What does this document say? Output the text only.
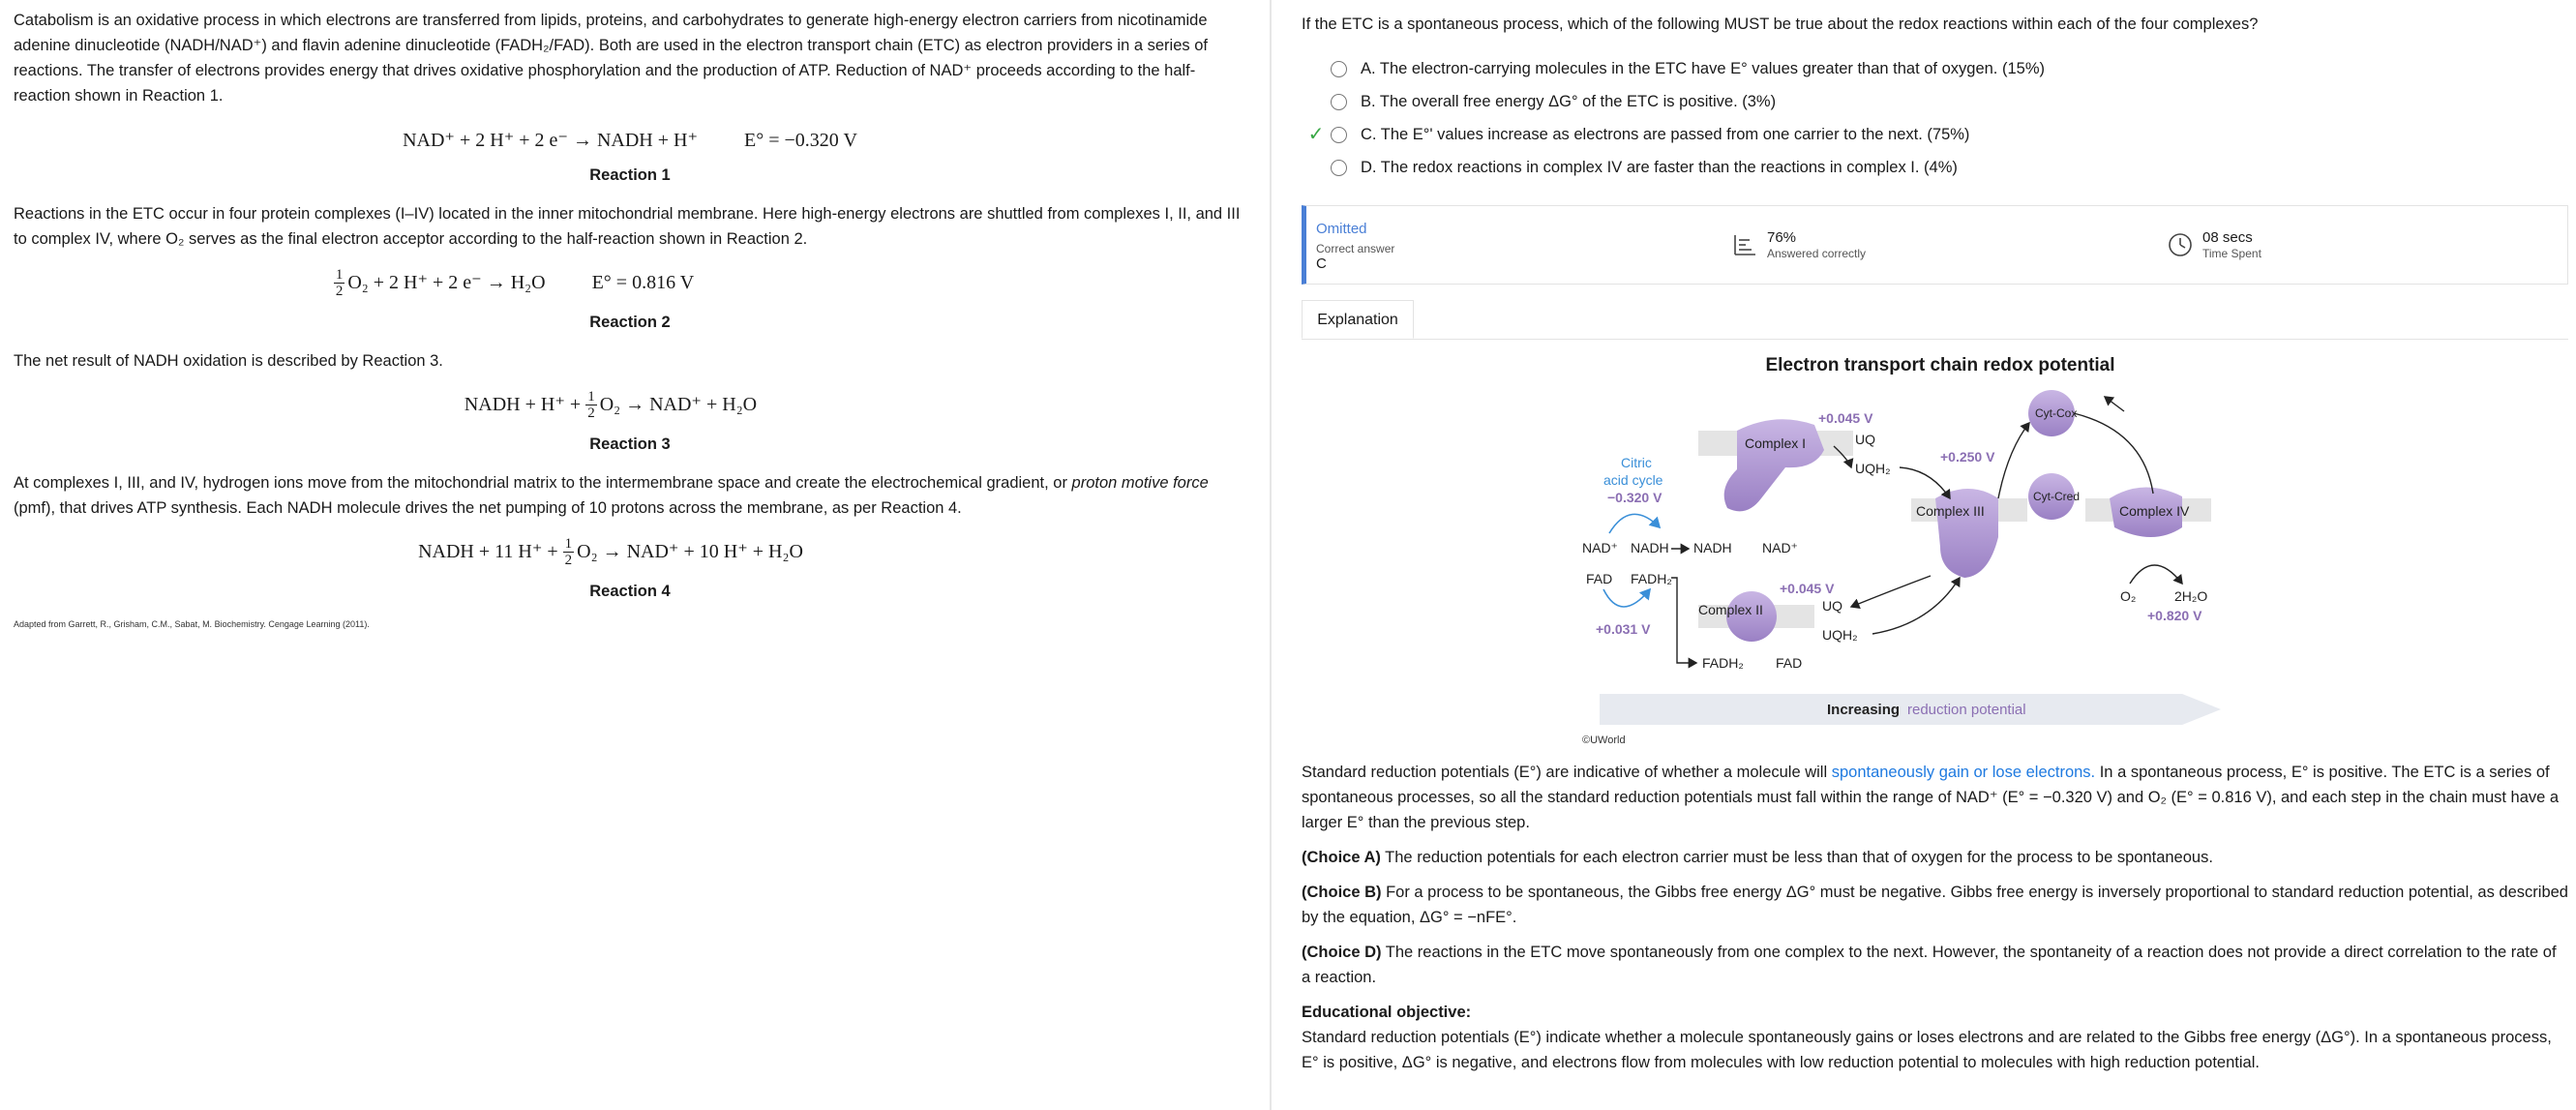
Catabolism is an oxidative process in which electrons are transferred from lipids, proteins, and carbohydrates to generate high-energy electron carriers from nicotinamide adenine dinucleotide (NADH/NAD⁺) and flavin adenine dinucleotide (FADH₂/FAD). Both are used in the electron transport chain (ETC) as electron providers in a series of reactions. The transfer of electrons provides energy that drives oxidative phosphorylation and the production of ATP. Reduction of NAD⁺ proceeds according to the half-reaction shown in Reaction 1.

NAD⁺ + 2 H⁺ + 2 e⁻ → NADH + H⁺ E° = −0.320 V
Reaction 1

Reactions in the ETC occur in four protein complexes (I–IV) located in the inner mitochondrial membrane. Here high-energy electrons are shuttled from complexes I, II, and III to complex IV, where O₂ serves as the final electron acceptor according to the half-reaction shown in Reaction 2.

$\frac{1}{2} O_2 + 2$ H⁺ + 2 e⁻ → H₂O E° = 0.816 V
Reaction 2

The net result of NADH oxidation is described by Reaction 3.

NADH + H⁺ +
$\frac{1}{2} O_2 \to NAD^+ + H_2O$
Reaction 3

At complexes I, III, and IV, hydrogen ions move from the mitochondrial matrix to the intermembrane space and create the electrochemical gradient, or proton motive force (pmf), that drives ATP synthesis. Each NADH molecule drives the net pumping of 10 protons across the membrane, as per Reaction 4.

NADH + 11 H⁺ +
$\frac{1}{2} O_2 \to NAD^+ + 10$ H⁺ + H₂O
Reaction 4
Adapted from Garrett, R., Grisham, C.M., Sabat, M. Biochemistry. Cengage Learning (2011).

If the ETC is a spontaneous process, which of the following MUST be true about the redox reactions within each of the four complexes?

A. The electron-carrying molecules in the ETC have E° values greater than that of oxygen. (15%)
B. The overall free energy ΔG° of the ETC is positive. (3%)
✓	C. The E°' values increase as electrons are passed from one carrier to the next. (75%)
D. The redox reactions in complex IV are faster than the reactions in complex I. (4%)
Omitted
Correct answer
C
76%
Answered correctly
08 secs
Time Spent
Explanation
Electron transport chain redox potential
Increasing reduction potential
©UWorld
Complex I
Complex II
Complex III	Complex IV
Cyt-Cox
Cyt-Cred
Citric
acid cycle
−0.320 V
NAD⁺ NADH NADH NAD⁺
FAD FADH₂
+0.031 V
FADH₂ FAD
+0.045 V
UQ
UQH₂
+0.045 V
UQ
UQH₂
+0.250 V
O₂	2H₂O
+0.820 V

Standard reduction potentials (E°) are indicative of whether a molecule will spontaneously gain or lose electrons. In a spontaneous process, E° is positive. The ETC is a series of spontaneous processes, so all the standard reduction potentials must fall within the range of NAD⁺ (E° = −0.320 V) and O₂ (E° = 0.816 V), and each step in the chain must have a larger E° than the previous step.

(Choice A) The reduction potentials for each electron carrier must be less than that of oxygen for the process to be spontaneous.

(Choice B) For a process to be spontaneous, the Gibbs free energy ΔG° must be negative. Gibbs free energy is inversely proportional to standard reduction potential, as described by the equation, ΔG° = −nFE°.

(Choice D) The reactions in the ETC move spontaneously from one complex to the next. However, the spontaneity of a reaction does not provide a direct correlation to the rate of a reaction.

Educational objective:

Standard reduction potentials (E°) indicate whether a molecule spontaneously gains or loses electrons and are related to the Gibbs free energy (ΔG°). In a spontaneous process, E° is positive, ΔG° is negative, and electrons flow from molecules with low reduction potential to molecules with high reduction potential.
